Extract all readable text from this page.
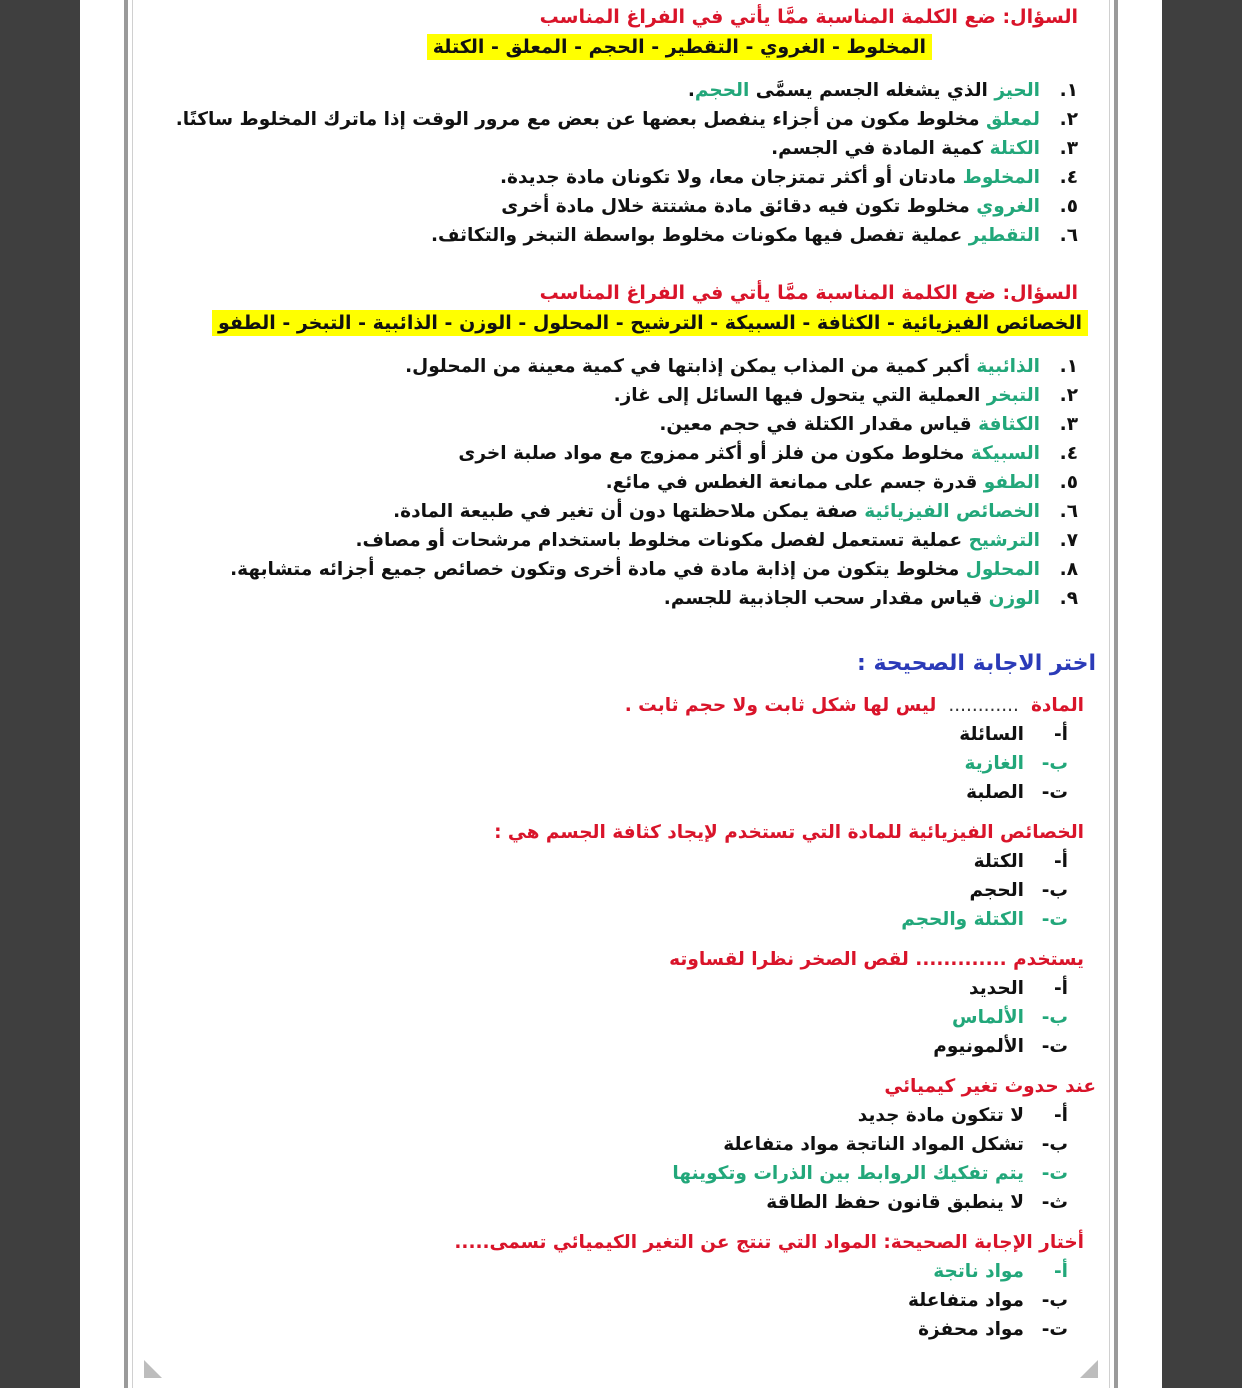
السؤال: ضع الكلمة المناسبة ممَّا يأتي في الفراغ المناسب
المخلوط - الغروي - التقطير - الحجم - المعلق - الكتلة
١.الحيز الذي يشغله الجسم يسمَّى الحجم.
٢.لمعلق مخلوط مكون من أجزاء ينفصل بعضها عن بعض مع مرور الوقت إذا ماترك المخلوط ساكنًا.
٣.الكتلة كمية المادة في الجسم.
٤.المخلوط مادتان أو أكثر تمتزجان معا، ولا تكونان مادة جديدة.
٥.الغروي مخلوط تكون فيه دقائق مادة مشتتة خلال مادة أخرى
٦.التقطير عملية تفصل فيها مكونات مخلوط بواسطة التبخر والتكاثف.
السؤال: ضع الكلمة المناسبة ممَّا يأتي في الفراغ المناسب
الخصائص الفيزيائية - الكثافة - السبيكة - الترشيح - المحلول - الوزن - الذائبية - التبخر - الطفو
١.الذائبية أكبر كمية من المذاب يمكن إذابتها في كمية معينة من المحلول.
٢.التبخر العملية التي يتحول فيها السائل إلى غاز.
٣.الكثافة قياس مقدار الكتلة في حجم معين.
٤.السبيكة مخلوط مكون من فلز أو أكثر ممزوج مع مواد صلبة اخرى
٥.الطفو قدرة جسم على ممانعة الغطس في مائع.
٦.الخصائص الفيزيائية صفة يمكن ملاحظتها دون أن تغير في طبيعة المادة.
٧.الترشيح عملية تستعمل لفصل مكونات مخلوط باستخدام مرشحات أو مصاف.
٨.المحلول مخلوط يتكون من إذابة مادة في مادة أخرى وتكون خصائص جميع أجزائه متشابهة.
٩.الوزن قياس مقدار سحب الجاذبية للجسم.
اختر الاجابة الصحيحة :
المادة............ليس لها شكل ثابت ولا حجم ثابت .
أ-السائلة
ب-الغازية
ت-الصلبة
الخصائص الفيزيائية للمادة التي تستخدم لإيجاد كثافة الجسم هي :
أ-الكتلة
ب-الحجم
ت-الكتلة والحجم
يستخدم ............. لقص الصخر نظرا لقساوته
أ-الحديد
ب-الألماس
ت-الألمونيوم
عند حدوث تغير كيميائي
أ-لا تتكون مادة جديد
ب-تشكل المواد الناتجة مواد متفاعلة
ت-يتم تفكيك الروابط بين الذرات وتكوينها
ث-لا ينطبق قانون حفظ الطاقة
أختار الإجابة الصحيحة: المواد التي تنتج عن التغير الكيميائي تسمى.....
أ-مواد ناتجة
ب-مواد متفاعلة
ت-مواد محفزة
